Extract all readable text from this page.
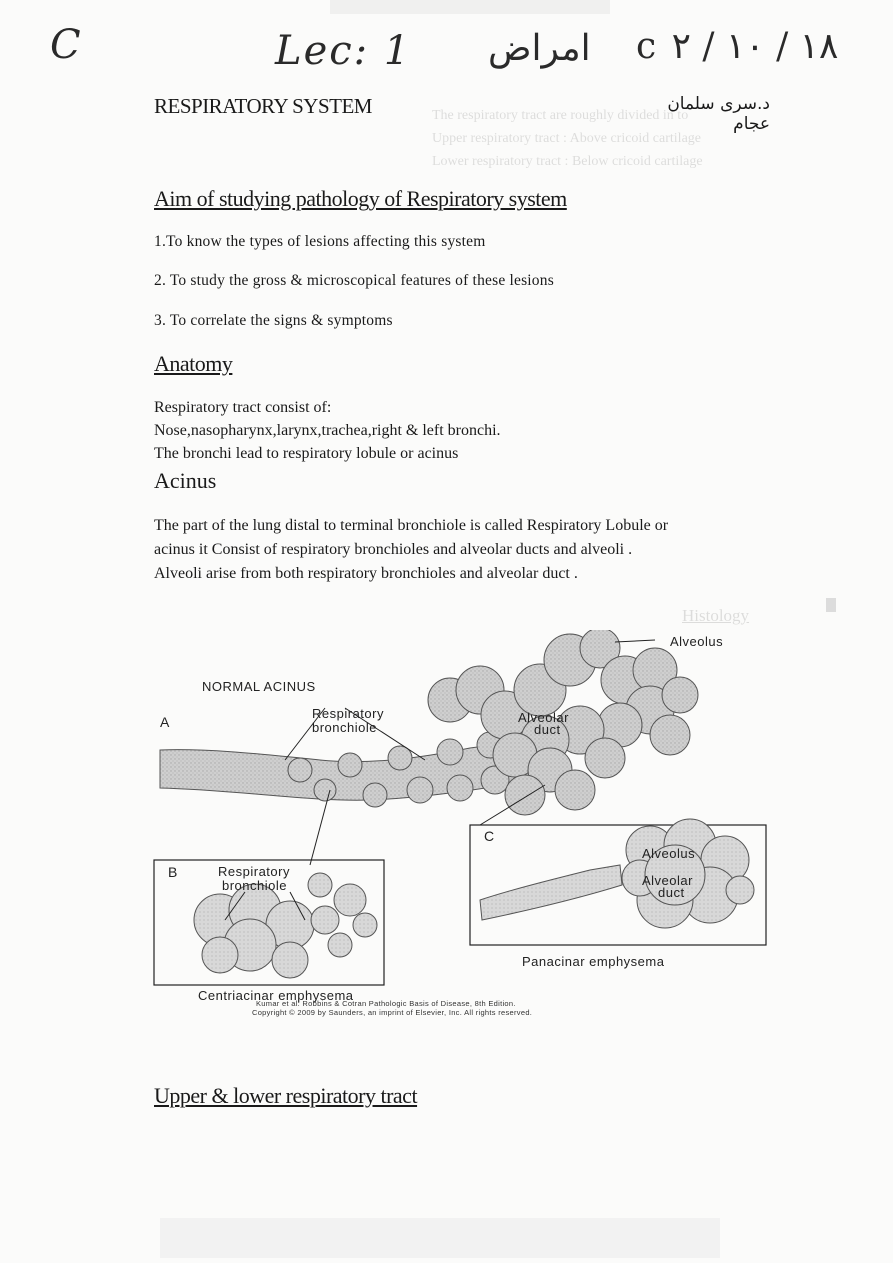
The respiratory tract are roughly divided in to
Upper respiratory tract : Above cricoid cartilage
Lower respiratory tract : Below cricoid cartilage
Histology
C	Lec: 1 امراض c ١٨ / ١٠ / ٢
RESPIRATORY SYSTEM	د.سرى سلمان عجام
Aim of studying pathology of Respiratory system
1.To know the types of lesions affecting this system
2. To study the gross & microscopical features of these lesions
3. To correlate the signs & symptoms
Anatomy
Respiratory tract consist of:
Nose,nasopharynx,larynx,trachea,right & left bronchi.
The bronchi lead to respiratory lobule or acinus
Acinus
The part of the lung distal to terminal bronchiole is called Respiratory Lobule or
acinus it Consist of respiratory bronchioles and alveolar ducts and alveoli .
Alveoli arise from both respiratory bronchioles and alveolar duct .
NORMAL ACINUS
A
Respiratory
bronchiole
Alveolar
duct
Alveolus
B	Respiratory
bronchiole
C
Alveolus
Alveolar
duct
Panacinar emphysema
Centriacinar emphysema
Kumar et al: Robbins & Cotran Pathologic Basis of Disease, 8th Edition.
Copyright © 2009 by Saunders, an imprint of Elsevier, Inc. All rights reserved.
Upper & lower respiratory tract
